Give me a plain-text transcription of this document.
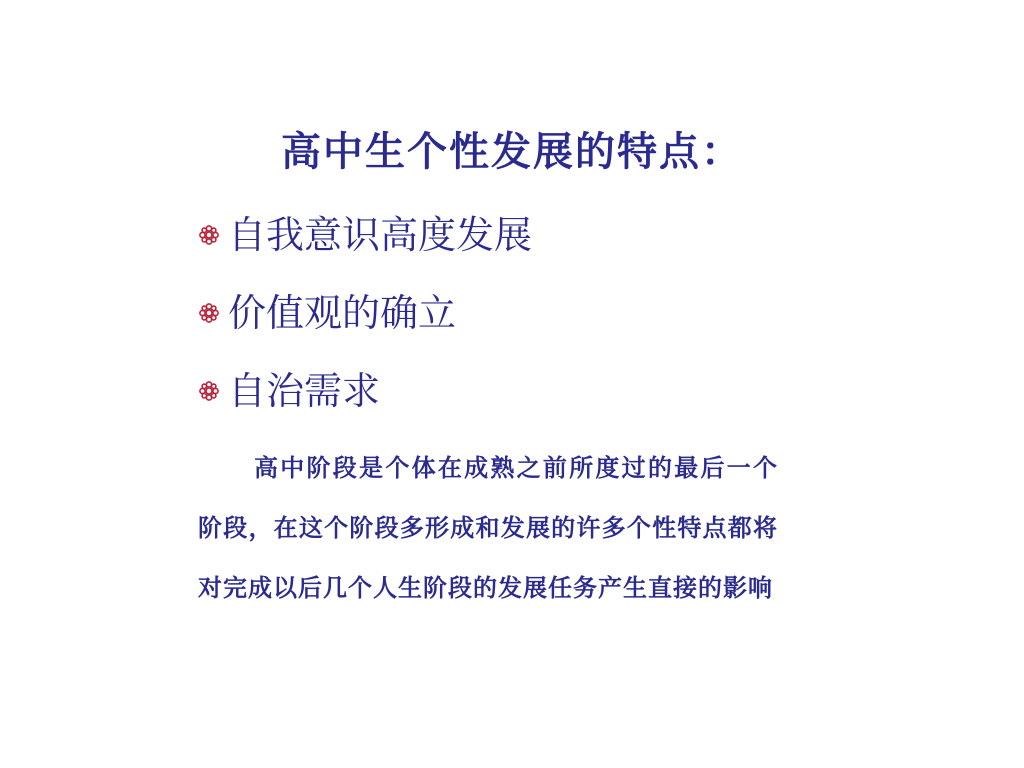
高中生个性发展的特点：
自我意识高度发展
价值观的确立
自治需求

高中阶段是个体在成熟之前所度过的最后一个阶段，在这个阶段多形成和发展的许多个性特点都将对完成以后几个人生阶段的发展任务产生直接的影响
